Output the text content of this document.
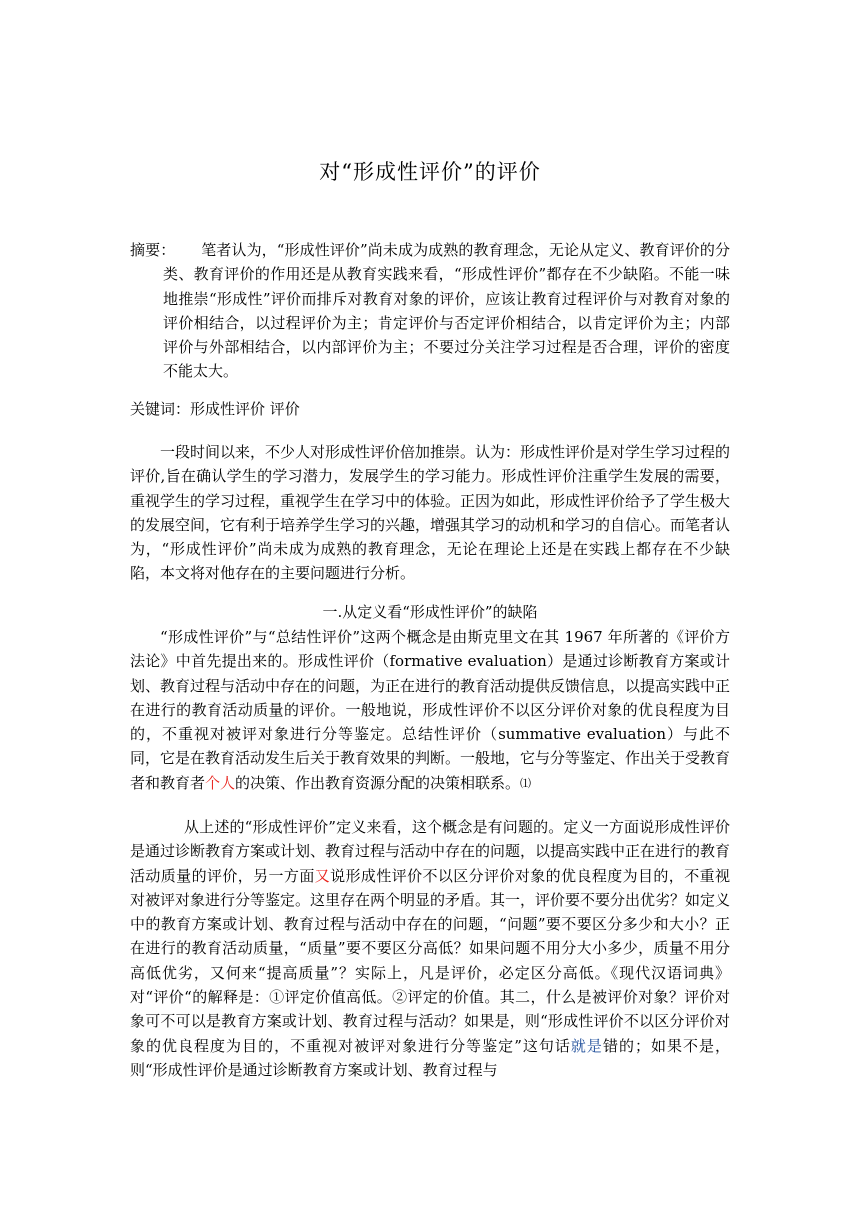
对“形成性评价”的评价

摘要： 笔者认为，“形成性评价”尚未成为成熟的教育理念，无论从定义、教育评价的分类、教育评价的作用还是从教育实践来看，“形成性评价”都存在不少缺陷。不能一味地推崇“形成性”评价而排斥对教育对象的评价，应该让教育过程评价与对教育对象的评价相结合，以过程评价为主；肯定评价与否定评价相结合，以肯定评价为主；内部评价与外部相结合，以内部评价为主；不要过分关注学习过程是否合理，评价的密度不能太大。

关键词：形成性评价 评价

一段时间以来，不少人对形成性评价倍加推崇。认为：形成性评价是对学生学习过程的评价,旨在确认学生的学习潜力，发展学生的学习能力。形成性评价注重学生发展的需要，重视学生的学习过程，重视学生在学习中的体验。正因为如此，形成性评价给予了学生极大的发展空间，它有利于培养学生学习的兴趣，增强其学习的动机和学习的自信心。而笔者认为，“形成性评价”尚未成为成熟的教育理念，无论在理论上还是在实践上都存在不少缺陷，本文将对他存在的主要问题进行分析。

一.从定义看“形成性评价”的缺陷

“形成性评价”与“总结性评价”这两个概念是由斯克里文在其 1967 年所著的《评价方法论》中首先提出来的。形成性评价（formative evaluation）是通过诊断教育方案或计划、教育过程与活动中存在的问题，为正在进行的教育活动提供反馈信息，以提高实践中正在进行的教育活动质量的评价。一般地说，形成性评价不以区分评价对象的优良程度为目的，不重视对被评对象进行分等鉴定。总结性评价（summative evaluation）与此不同，它是在教育活动发生后关于教育效果的判断。一般地，它与分等鉴定、作出关于受教育者和教育者个人的决策、作出教育资源分配的决策相联系。⑴

从上述的“形成性评价”定义来看，这个概念是有问题的。定义一方面说形成性评价是通过诊断教育方案或计划、教育过程与活动中存在的问题，以提高实践中正在进行的教育活动质量的评价，另一方面又说形成性评价不以区分评价对象的优良程度为目的，不重视对被评对象进行分等鉴定。这里存在两个明显的矛盾。其一，评价要不要分出优劣？如定义中的教育方案或计划、教育过程与活动中存在的问题，“问题”要不要区分多少和大小？正在进行的教育活动质量，“质量”要不要区分高低？如果问题不用分大小多少，质量不用分高低优劣，又何来“提高质量”？实际上，凡是评价，必定区分高低。《现代汉语词典》对“评价“的解释是：①评定价值高低。②评定的价值。其二，什么是被评价对象？评价对象可不可以是教育方案或计划、教育过程与活动？如果是，则“形成性评价不以区分评价对象的优良程度为目的，不重视对被评对象进行分等鉴定”这句话就是错的；如果不是，则“形成性评价是通过诊断教育方案或计划、教育过程与
